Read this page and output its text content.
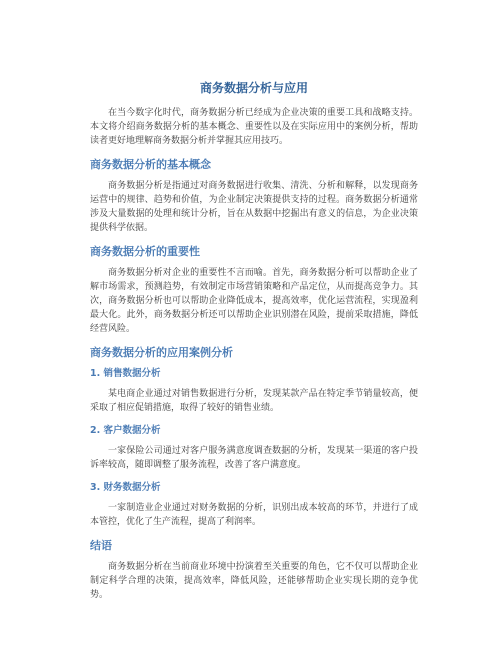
商务数据分析与应用

在当今数字化时代，商务数据分析已经成为企业决策的重要工具和战略支持。本文将介绍商务数据分析的基本概念、重要性以及在实际应用中的案例分析，帮助读者更好地理解商务数据分析并掌握其应用技巧。

商务数据分析的基本概念

商务数据分析是指通过对商务数据进行收集、清洗、分析和解释，以发现商务运营中的规律、趋势和价值，为企业制定决策提供支持的过程。商务数据分析通常涉及大量数据的处理和统计分析，旨在从数据中挖掘出有意义的信息，为企业决策提供科学依据。

商务数据分析的重要性

商务数据分析对企业的重要性不言而喻。首先，商务数据分析可以帮助企业了解市场需求，预测趋势，有效制定市场营销策略和产品定位，从而提高竞争力。其次，商务数据分析也可以帮助企业降低成本，提高效率，优化运营流程，实现盈利最大化。此外，商务数据分析还可以帮助企业识别潜在风险，提前采取措施，降低经营风险。

商务数据分析的应用案例分析
1. 销售数据分析

某电商企业通过对销售数据进行分析，发现某款产品在特定季节销量较高，便采取了相应促销措施，取得了较好的销售业绩。

2. 客户数据分析

一家保险公司通过对客户服务满意度调查数据的分析，发现某一渠道的客户投诉率较高，随即调整了服务流程，改善了客户满意度。

3. 财务数据分析

一家制造业企业通过对财务数据的分析，识别出成本较高的环节，并进行了成本管控，优化了生产流程，提高了利润率。

结语

商务数据分析在当前商业环境中扮演着至关重要的角色，它不仅可以帮助企业制定科学合理的决策，提高效率，降低风险，还能够帮助企业实现长期的竞争优势。
